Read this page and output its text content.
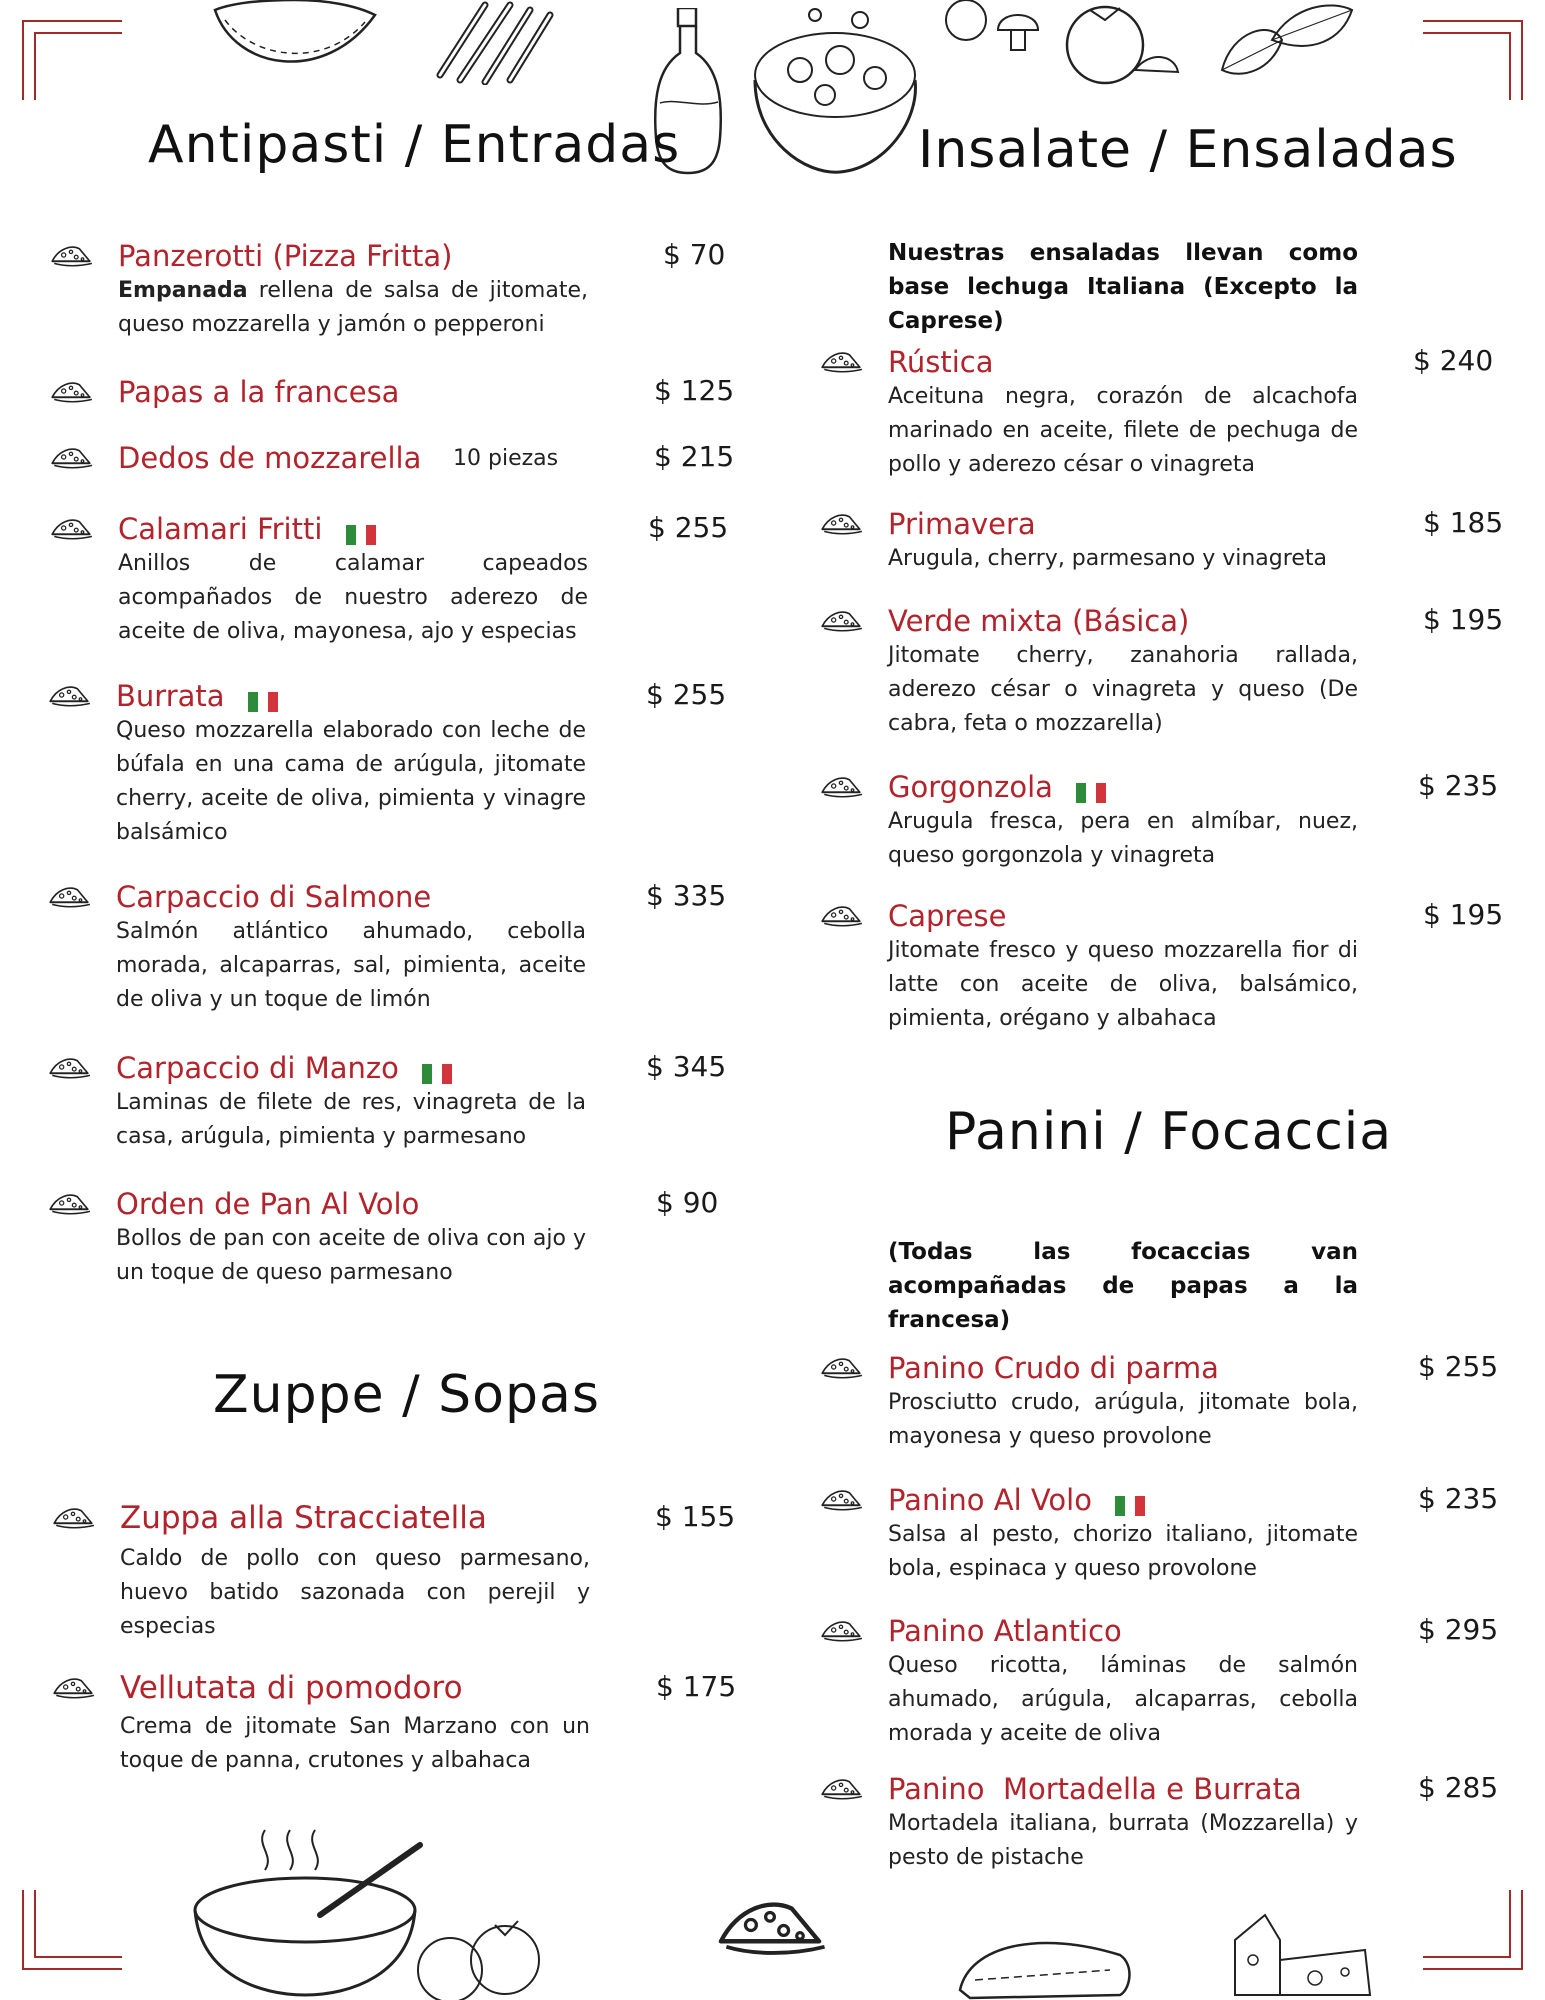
Antipasti / Entradas
Panzerotti (Pizza Fritta)	$ 70

Empanada rellena de salsa de jitomate, queso mozzarella y jamón o pepperoni

Papas a la francesa	$ 125
Dedos de mozzarella 10 piezas	$ 215
Calamari Fritti	$ 255

Anillos de calamar capeados acompañados de nuestro aderezo de aceite de oliva, mayonesa, ajo y especias

Burrata	$ 255

Queso mozzarella elaborado con leche de búfala en una cama de arúgula, jitomate cherry, aceite de oliva, pimienta y vinagre balsámico

Carpaccio di Salmone	$ 335

Salmón atlántico ahumado, cebolla morada, alcaparras, sal, pimienta, aceite de oliva y un toque de limón

Carpaccio di Manzo	$ 345

Laminas de filete de res, vinagreta de la casa, arúgula, pimienta y parmesano

Orden de Pan Al Volo	$ 90

Bollos de pan con aceite de oliva con ajo y un toque de queso parmesano

Zuppe / Sopas
Zuppa alla Stracciatella	$ 155

Caldo de pollo con queso parmesano, huevo batido sazonada con perejil y especias

Vellutata di pomodoro	$ 175

Crema de jitomate San Marzano con un toque de panna, crutones y albahaca

Insalate / Ensaladas

Nuestras ensaladas llevan como base lechuga Italiana (Excepto la Caprese)

Rústica	$ 240

Aceituna negra, corazón de alcachofa marinado en aceite, filete de pechuga de pollo y aderezo césar o vinagreta

Primavera	$ 185

Arugula, cherry, parmesano y vinagreta

Verde mixta (Básica)	$ 195

Jitomate cherry, zanahoria rallada, aderezo césar o vinagreta y queso (De cabra, feta o mozzarella)

Gorgonzola	$ 235

Arugula fresca, pera en almíbar, nuez, queso gorgonzola y vinagreta

Caprese	$ 195

Jitomate fresco y queso mozzarella fior di latte con aceite de oliva, balsámico, pimienta, orégano y albahaca

Panini / Focaccia

(Todas las focaccias van acompañadas de papas a la francesa)

Panino Crudo di parma	$ 255

Prosciutto crudo, arúgula, jitomate bola, mayonesa y queso provolone

Panino Al Volo	$ 235

Salsa al pesto, chorizo italiano, jitomate bola, espinaca y queso provolone

Panino Atlantico	$ 295

Queso ricotta, láminas de salmón ahumado, arúgula, alcaparras, cebolla morada y aceite de oliva

Panino  Mortadella e Burrata	$ 285

Mortadela italiana, burrata (Mozzarella) y pesto de pistache
